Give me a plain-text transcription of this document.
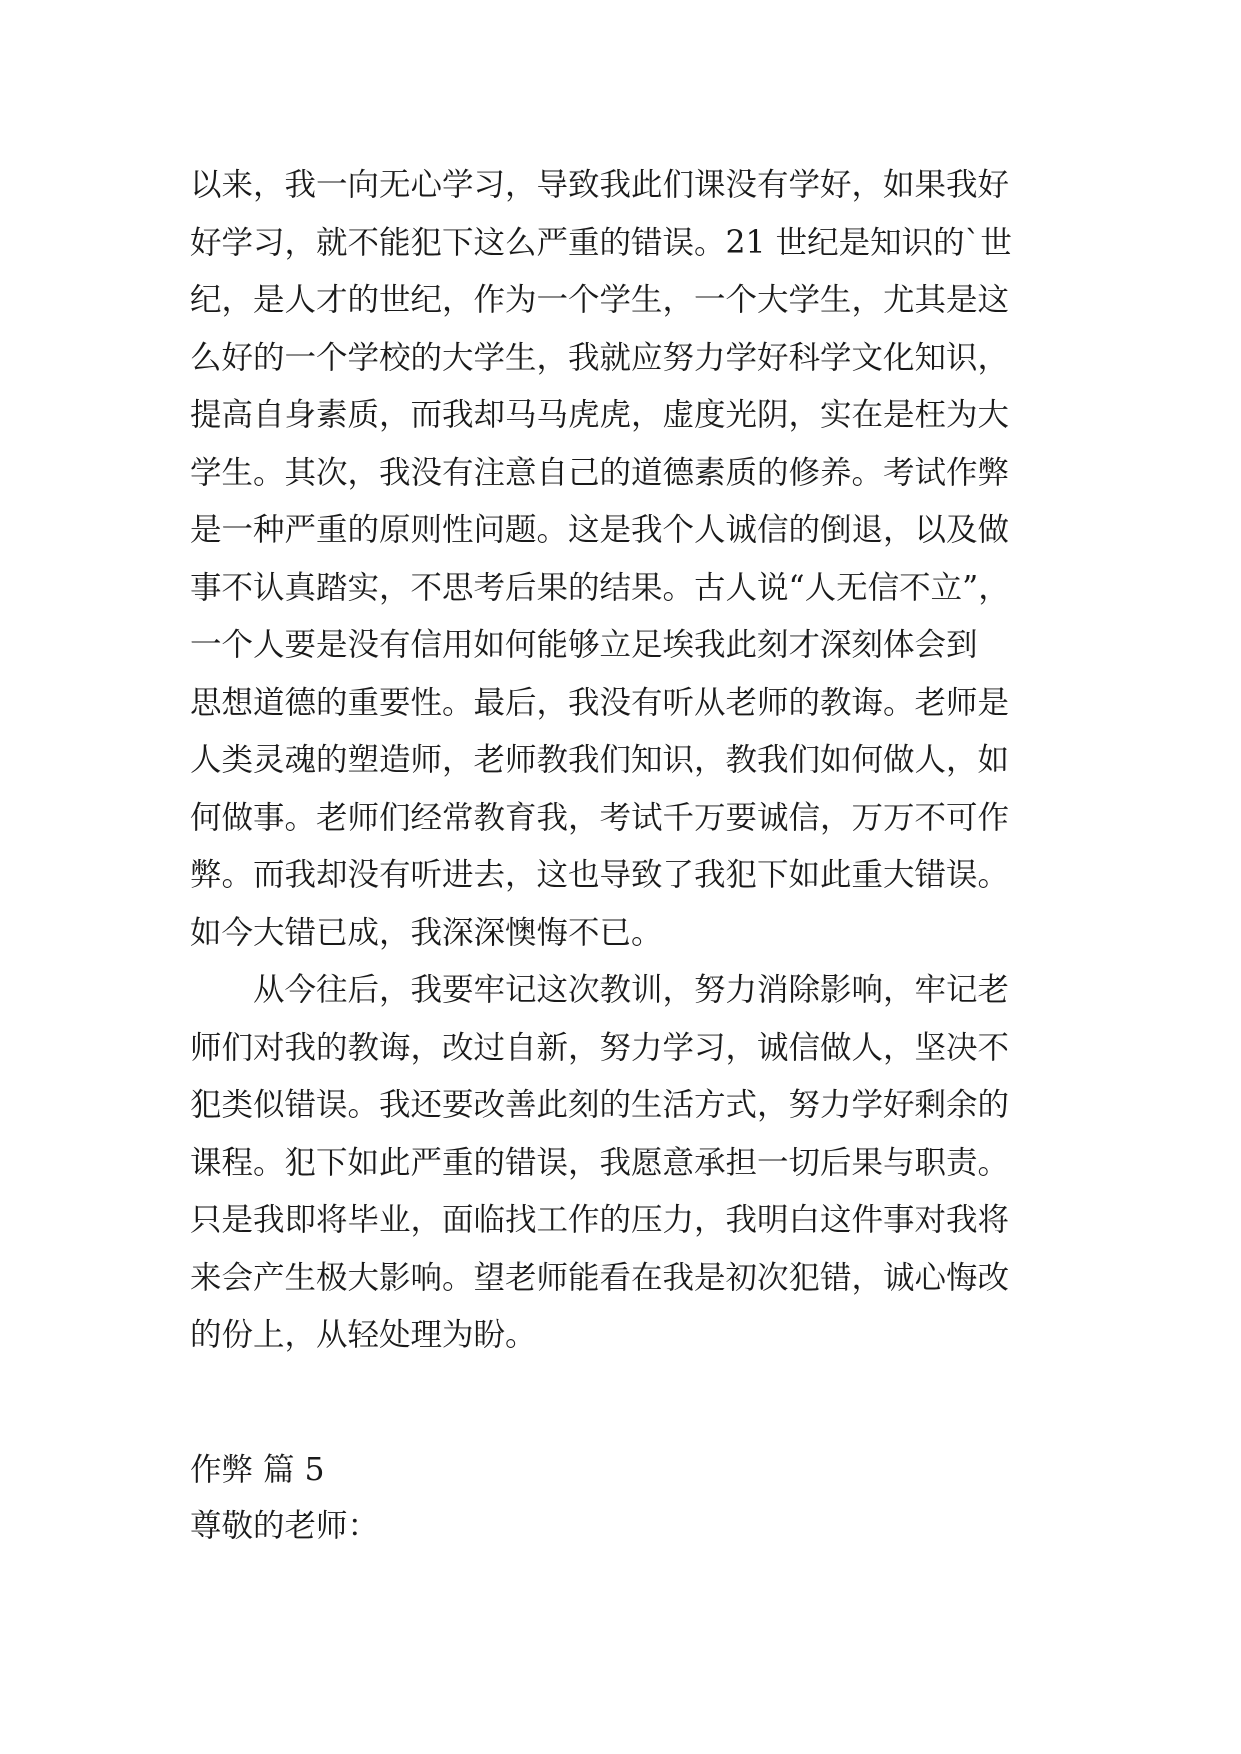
以来，我一向无心学习，导致我此们课没有学好，如果我好
好学习，就不能犯下这么严重的错误。21 世纪是知识的`世
纪，是人才的世纪，作为一个学生，一个大学生，尤其是这
么好的一个学校的大学生，我就应努力学好科学文化知识，
提高自身素质，而我却马马虎虎，虚度光阴，实在是枉为大
学生。其次，我没有注意自己的道德素质的修养。考试作弊
是一种严重的原则性问题。这是我个人诚信的倒退，以及做
事不认真踏实，不思考后果的结果。古人说“人无信不立”，
一个人要是没有信用如何能够立足埃我此刻才深刻体会到
思想道德的重要性。最后，我没有听从老师的教诲。老师是
人类灵魂的塑造师，老师教我们知识，教我们如何做人，如
何做事。老师们经常教育我，考试千万要诚信，万万不可作
弊。而我却没有听进去，这也导致了我犯下如此重大错误。
如今大错已成，我深深懊悔不已。
从今往后，我要牢记这次教训，努力消除影响，牢记老
师们对我的教诲，改过自新，努力学习，诚信做人，坚决不
犯类似错误。我还要改善此刻的生活方式，努力学好剩余的
课程。犯下如此严重的错误，我愿意承担一切后果与职责。
只是我即将毕业，面临找工作的压力，我明白这件事对我将
来会产生极大影响。望老师能看在我是初次犯错，诚心悔改
的份上，从轻处理为盼。
作弊 篇 5
尊敬的老师：
